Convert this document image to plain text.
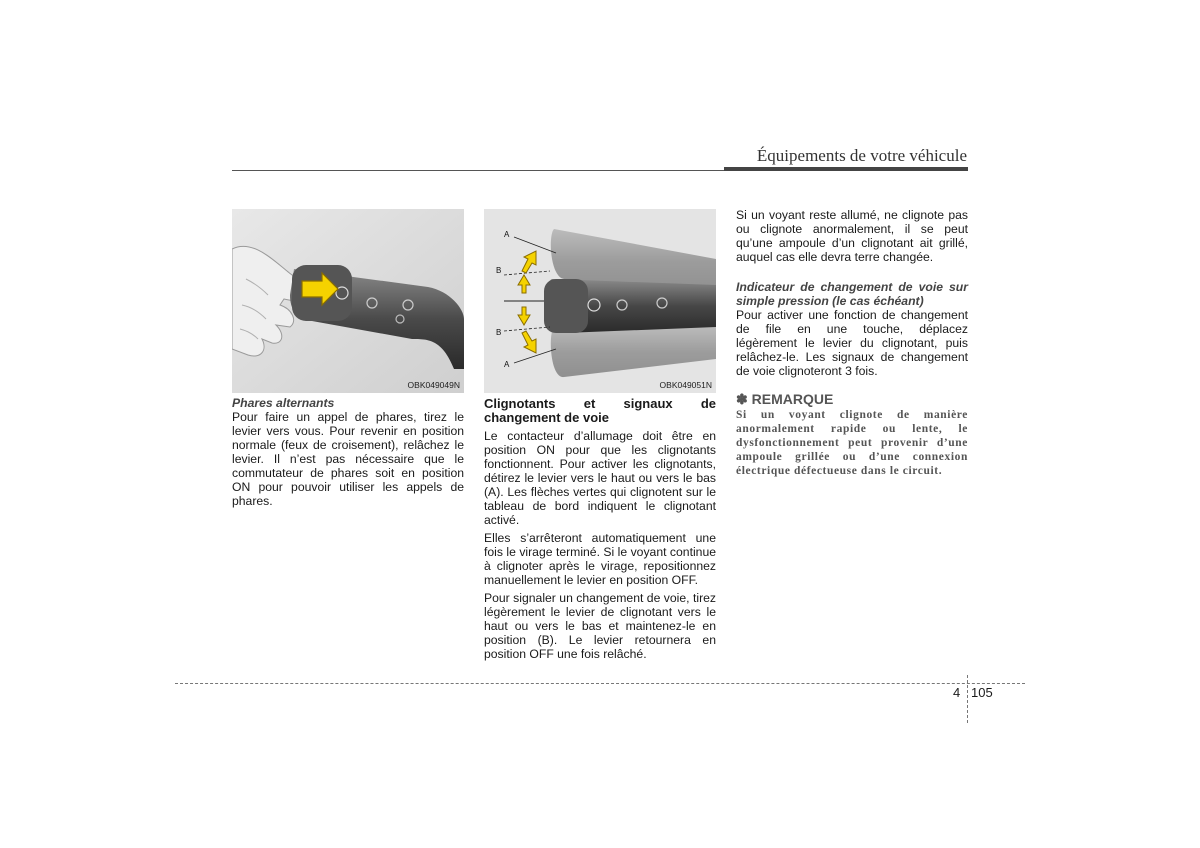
Équipements de votre véhicule
OBK049049N
A
B
B
A
OBK049051N

Phares alternants

Pour faire un appel de phares, tirez le levier vers vous. Pour revenir en position normale (feux de croisement), relâchez le levier. Il n’est pas nécessaire que le commutateur de phares soit en position ON pour pouvoir utiliser les appels de phares.

Clignotants et signaux de changement de voie

Le contacteur d’allumage doit être en position ON pour que les clignotants fonctionnent. Pour activer les clignotants, détirez le levier vers le haut ou vers le bas (A). Les flèches vertes qui clignotent sur le tableau de bord indiquent le clignotant activé.

Elles s’arrêteront automatiquement une fois le virage terminé. Si le voyant continue à clignoter après le virage, repositionnez manuellement le levier en position OFF.

Pour signaler un changement de voie, tirez légèrement le levier de clignotant vers le haut ou vers le bas et maintenez-le en position (B). Le levier retournera en position OFF une fois relâché.

Si un voyant reste allumé, ne clignote pas ou clignote anormalement, il se peut qu’une ampoule d’un clignotant ait grillé, auquel cas elle devra terre changée.

Indicateur de changement de voie sur simple pression (le cas échéant)

Pour activer une fonction de changement de file en une touche, déplacez légèrement le levier du clignotant, puis relâchez-le. Les signaux de changement de voie clignoteront 3 fois.

✽ REMARQUE
Si un voyant clignote de manière anormalement rapide ou lente, le dysfonctionnement peut provenir d’une ampoule grillée ou d’une connexion électrique défectueuse dans le circuit.
4 105
